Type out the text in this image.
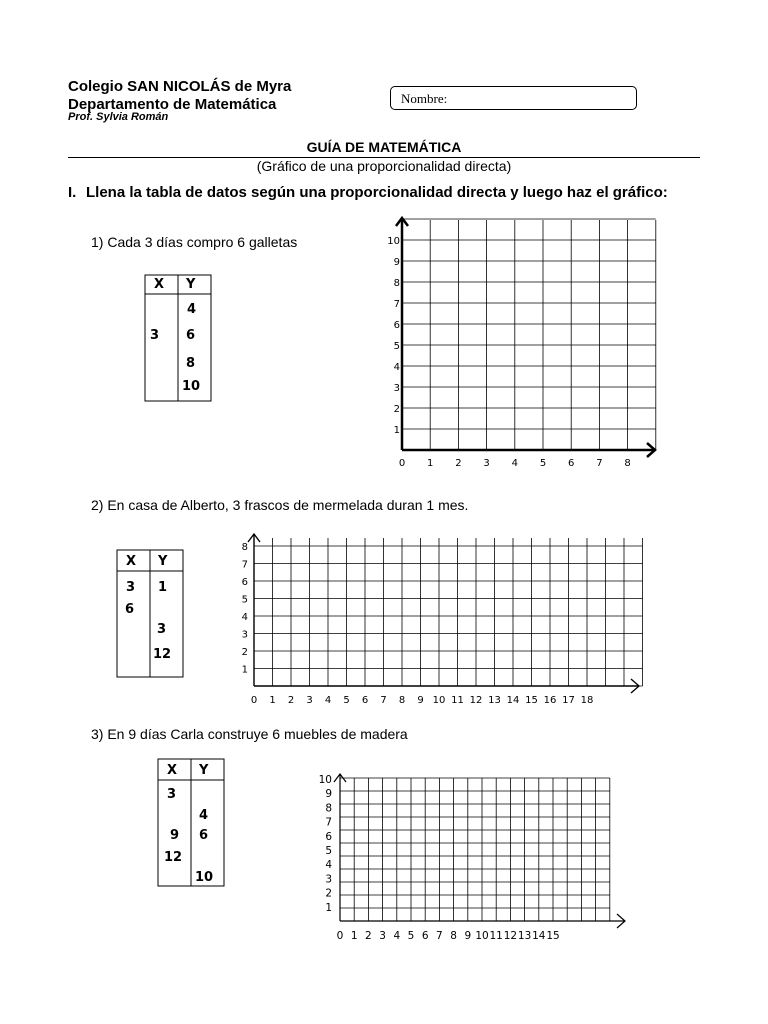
Colegio SAN NICOLÁS de Myra
Departamento de Matemática
Prof. Sylvia Román
Nombre:
GUÍA DE MATEMÁTICA
(Gráfico de una proporcionalidad directa)
I. Llena la tabla de datos según una proporcionalidad directa y luego haz el gráfico:
1) Cada 3 días compro 6 galletas
2) En casa de Alberto, 3 frascos de mermelada duran 1 mes.
3) En 9 días Carla construye 6 muebles de madera
X Y
3
4
6
8
10
X Y
3
6
1
3
12
X Y
3
9
12
4
6
10
0 1 2 3 4 5 6 7 8
1
2
3
4
5
6
7
8
9
10
0 1 2 3 4 5 6 7 8 9 10 11 12 13 14 15 16 17 18
1
2
3
4
5
6
7
8
0 1 2 3 4 5 6 7 8 9 10 11 12 13 14 15
1
2
3
4
5
6
7
8
9
10
